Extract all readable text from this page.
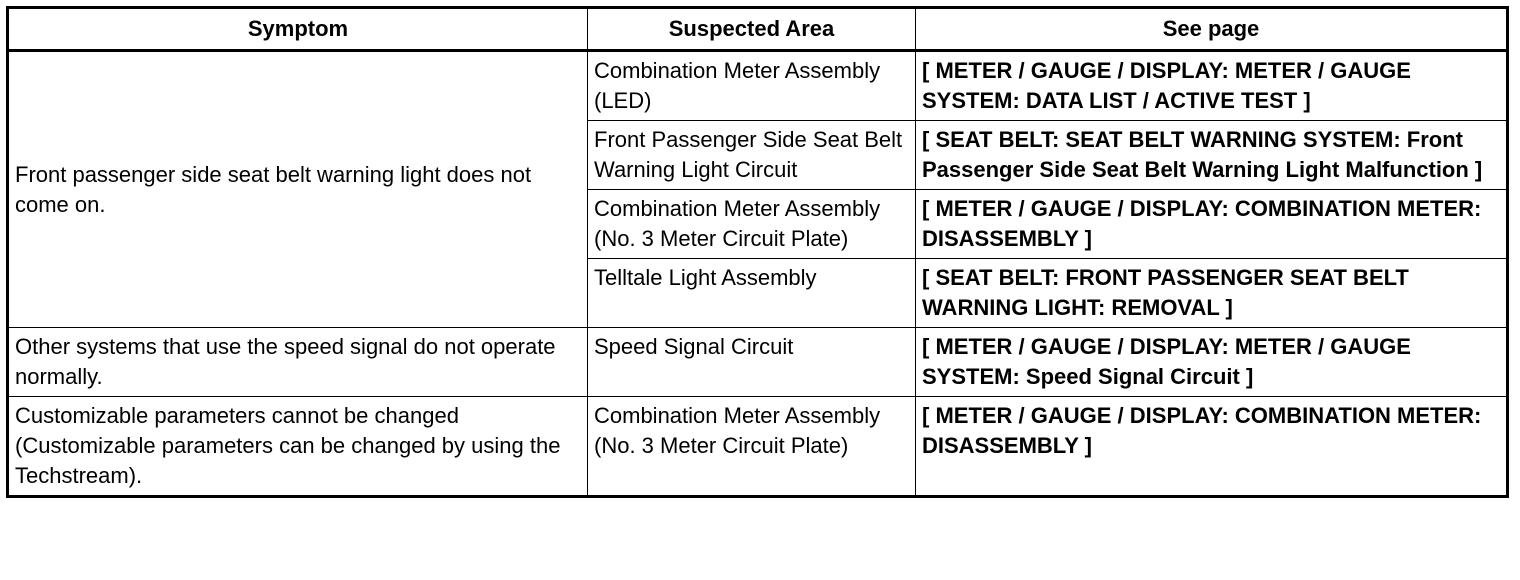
Symptom	Suspected Area	See page
Front passenger side seat belt warning light does not come on.	Combination Meter Assembly (LED)	[ METER / GAUGE / DISPLAY: METER / GAUGE SYSTEM: DATA LIST / ACTIVE TEST ]
	Front Passenger Side Seat Belt Warning Light Circuit	[ SEAT BELT: SEAT BELT WARNING SYSTEM: Front Passenger Side Seat Belt Warning Light Malfunction ]
	Combination Meter Assembly (No. 3 Meter Circuit Plate)	[ METER / GAUGE / DISPLAY: COMBINATION METER: DISASSEMBLY ]
	Telltale Light Assembly	[ SEAT BELT: FRONT PASSENGER SEAT BELT WARNING LIGHT: REMOVAL ]
Other systems that use the speed signal do not operate normally.	Speed Signal Circuit	[ METER / GAUGE / DISPLAY: METER / GAUGE SYSTEM: Speed Signal Circuit ]
Customizable parameters cannot be changed (Customizable parameters can be changed by using the Techstream).	Combination Meter Assembly (No. 3 Meter Circuit Plate)	[ METER / GAUGE / DISPLAY: COMBINATION METER: DISASSEMBLY ]
